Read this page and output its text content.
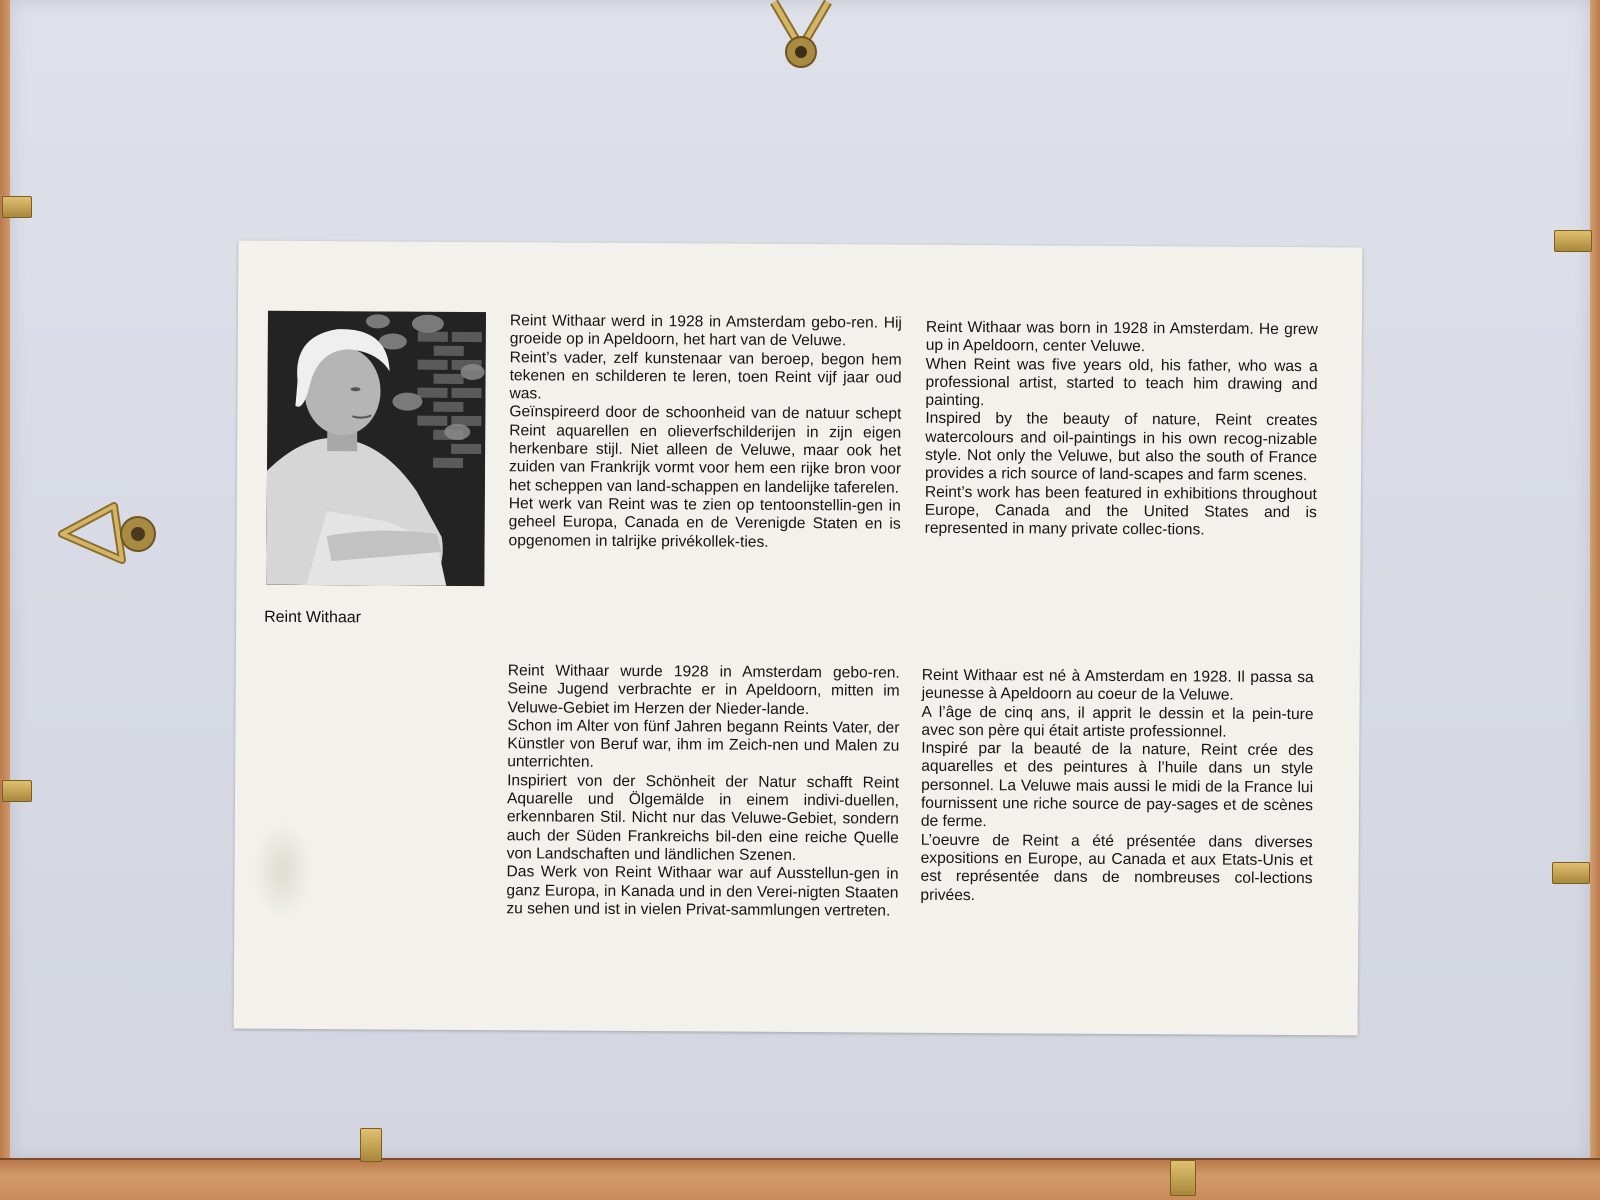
Reint Withaar

Reint Withaar werd in 1928 in Amsterdam gebo-ren. Hij groeide op in Apeldoorn, het hart van de Veluwe.

Reint’s vader, zelf kunstenaar van beroep, begon hem tekenen en schilderen te leren, toen Reint vijf jaar oud was.

Geïnspireerd door de schoonheid van de natuur schept Reint aquarellen en olieverfschilderijen in zijn eigen herkenbare stijl. Niet alleen de Veluwe, maar ook het zuiden van Frankrijk vormt voor hem een rijke bron voor het scheppen van land-schappen en landelijke taferelen.

Het werk van Reint was te zien op tentoonstellin-gen in geheel Europa, Canada en de Verenigde Staten en is opgenomen in talrijke privékollek-ties.

Reint Withaar was born in 1928 in Amsterdam. He grew up in Apeldoorn, center Veluwe.

When Reint was five years old, his father, who was a professional artist, started to teach him drawing and painting.

Inspired by the beauty of nature, Reint creates watercolours and oil-paintings in his own recog-nizable style. Not only the Veluwe, but also the south of France provides a rich source of land-scapes and farm scenes.

Reint’s work has been featured in exhibitions throughout Europe, Canada and the United States and is represented in many private collec-tions.

Reint Withaar wurde 1928 in Amsterdam gebo-ren. Seine Jugend verbrachte er in Apeldoorn, mitten im Veluwe-Gebiet im Herzen der Nieder-lande.

Schon im Alter von fünf Jahren begann Reints Vater, der Künstler von Beruf war, ihm im Zeich-nen und Malen zu unterrichten.

Inspiriert von der Schönheit der Natur schafft Reint Aquarelle und Ölgemälde in einem indivi-duellen, erkennbaren Stil. Nicht nur das Veluwe-Gebiet, sondern auch der Süden Frankreichs bil-den eine reiche Quelle von Landschaften und ländlichen Szenen.

Das Werk von Reint Withaar war auf Ausstellun-gen in ganz Europa, in Kanada und in den Verei-nigten Staaten zu sehen und ist in vielen Privat-sammlungen vertreten.

Reint Withaar est né à Amsterdam en 1928. Il passa sa jeunesse à Apeldoorn au coeur de la Veluwe.

A l’âge de cinq ans, il apprit le dessin et la pein-ture avec son père qui était artiste professionnel.

Inspiré par la beauté de la nature, Reint crée des aquarelles et des peintures à l’huile dans un style personnel. La Veluwe mais aussi le midi de la France lui fournissent une riche source de pay-sages et de scènes de ferme.

L’oeuvre de Reint a été présentée dans diverses expositions en Europe, au Canada et aux Etats-Unis et est représentée dans de nombreuses col-lections privées.
